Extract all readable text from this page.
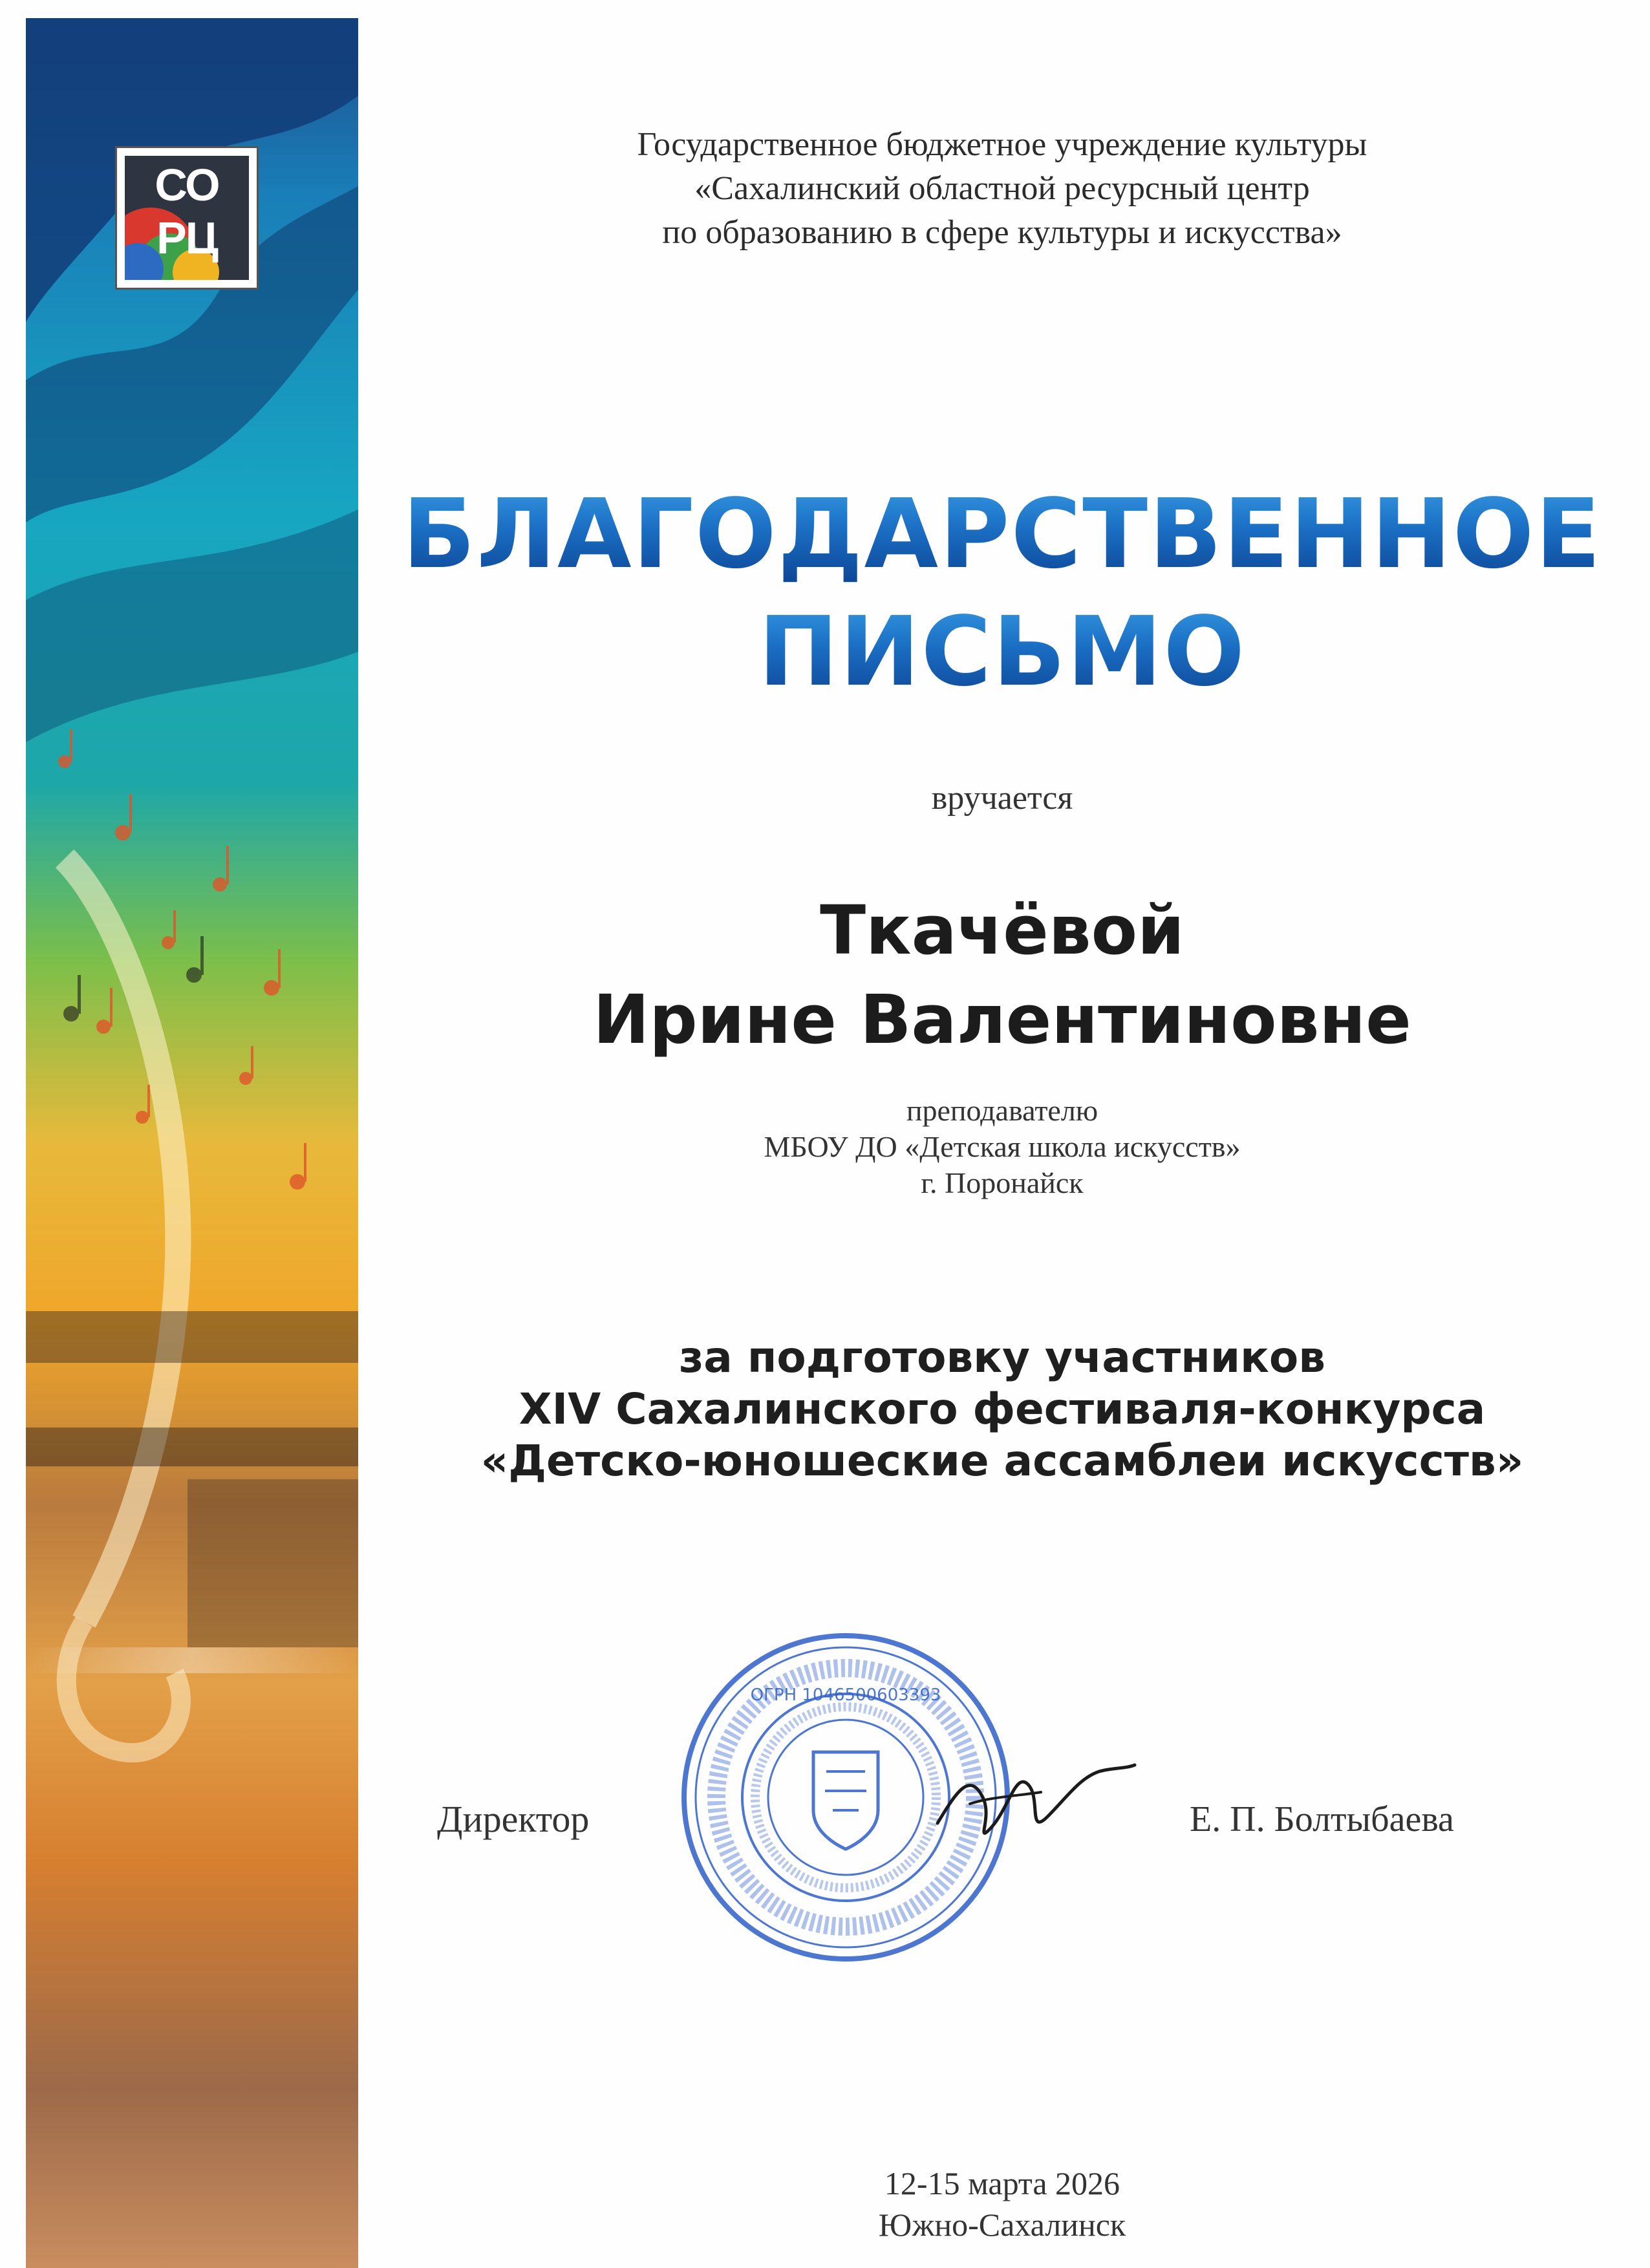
СО
РЦ
Государственное бюджетное учреждение культуры
«Сахалинский областной ресурсный центр
по образованию в сфере культуры и искусства»
БЛАГОДАРСТВЕННОЕ
ПИСЬМО
вручается
Ткачёвой
Ирине Валентиновне
преподавателю
МБОУ ДО «Детская школа искусств»
г. Поронайск
за подготовку участников
XIV Сахалинского фестиваля-конкурса
«Детско-юношеские ассамблеи искусств»
ОГРН 1046500603393
Директор	Е. П. Болтыбаева
12-15 марта 2026
Южно-Сахалинск
